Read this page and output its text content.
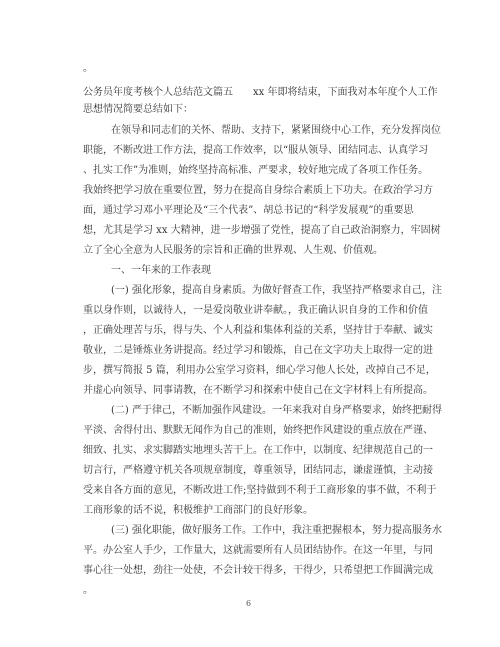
。
公务员年度考核个人总结范文篇五　　xx 年即将结束，下面我对本年度个人工作
思想情况简要总结如下：
在领导和同志们的关怀、帮助、支持下，紧紧围绕中心工作，充分发挥岗位
职能，不断改进工作方法，提高工作效率，以“服从领导、团结同志、认真学习
、扎实工作”为准则，始终坚持高标准、严要求，较好地完成了各项工作任务。
我始终把学习放在重要位置，努力在提高自身综合素质上下功夫。在政治学习方
面，通过学习邓小平理论及“三个代表”、胡总书记的“科学发展观”的重要思
想，尤其是学习 xx 大精神，进一步增强了党性，提高了自己政治洞察力，牢固树
立了全心全意为人民服务的宗旨和正确的世界观、人生观、价值观。
一、一年来的工作表现
(一) 强化形象，提高自身素质。为做好督查工作，我坚持严格要求自己，注
重以身作则，以诚待人，一是爱岗敬业讲奉献。，我正确认识自身的工作和价值
，正确处理苦与乐，得与失、个人利益和集体利益的关系，坚持甘于奉献、诚实
敬业，二是锤炼业务讲提高。经过学习和锻炼，自己在文字功夫上取得一定的进
步，撰写简报 5 篇，利用办公室学习资料，细心学习他人长处，改掉自己不足，
并虚心向领导、同事请教，在不断学习和探索中使自己在文字材料上有所提高。
(二) 严于律己，不断加强作风建设。一年来我对自身严格要求，始终把耐得
平淡、舍得付出、默默无闻作为自己的准则，始终把作风建设的重点放在严谨、
细致、扎实、求实脚踏实地埋头苦干上。在工作中，以制度、纪律规范自己的一
切言行，严格遵守机关各项规章制度，尊重领导，团结同志，谦虚谨慎，主动接
受来自各方面的意见，不断改进工作;坚持做到不利于工商形象的事不做，不利于
工商形象的话不说，积极维护工商部门的良好形象。
(三) 强化职能，做好服务工作。工作中，我注重把握根本，努力提高服务水
平。办公室人手少，工作量大，这就需要所有人员团结协作。在这一年里，与同
事心往一处想，劲往一处使，不会计较干得多，干得少，只希望把工作圆满完成
。
6
